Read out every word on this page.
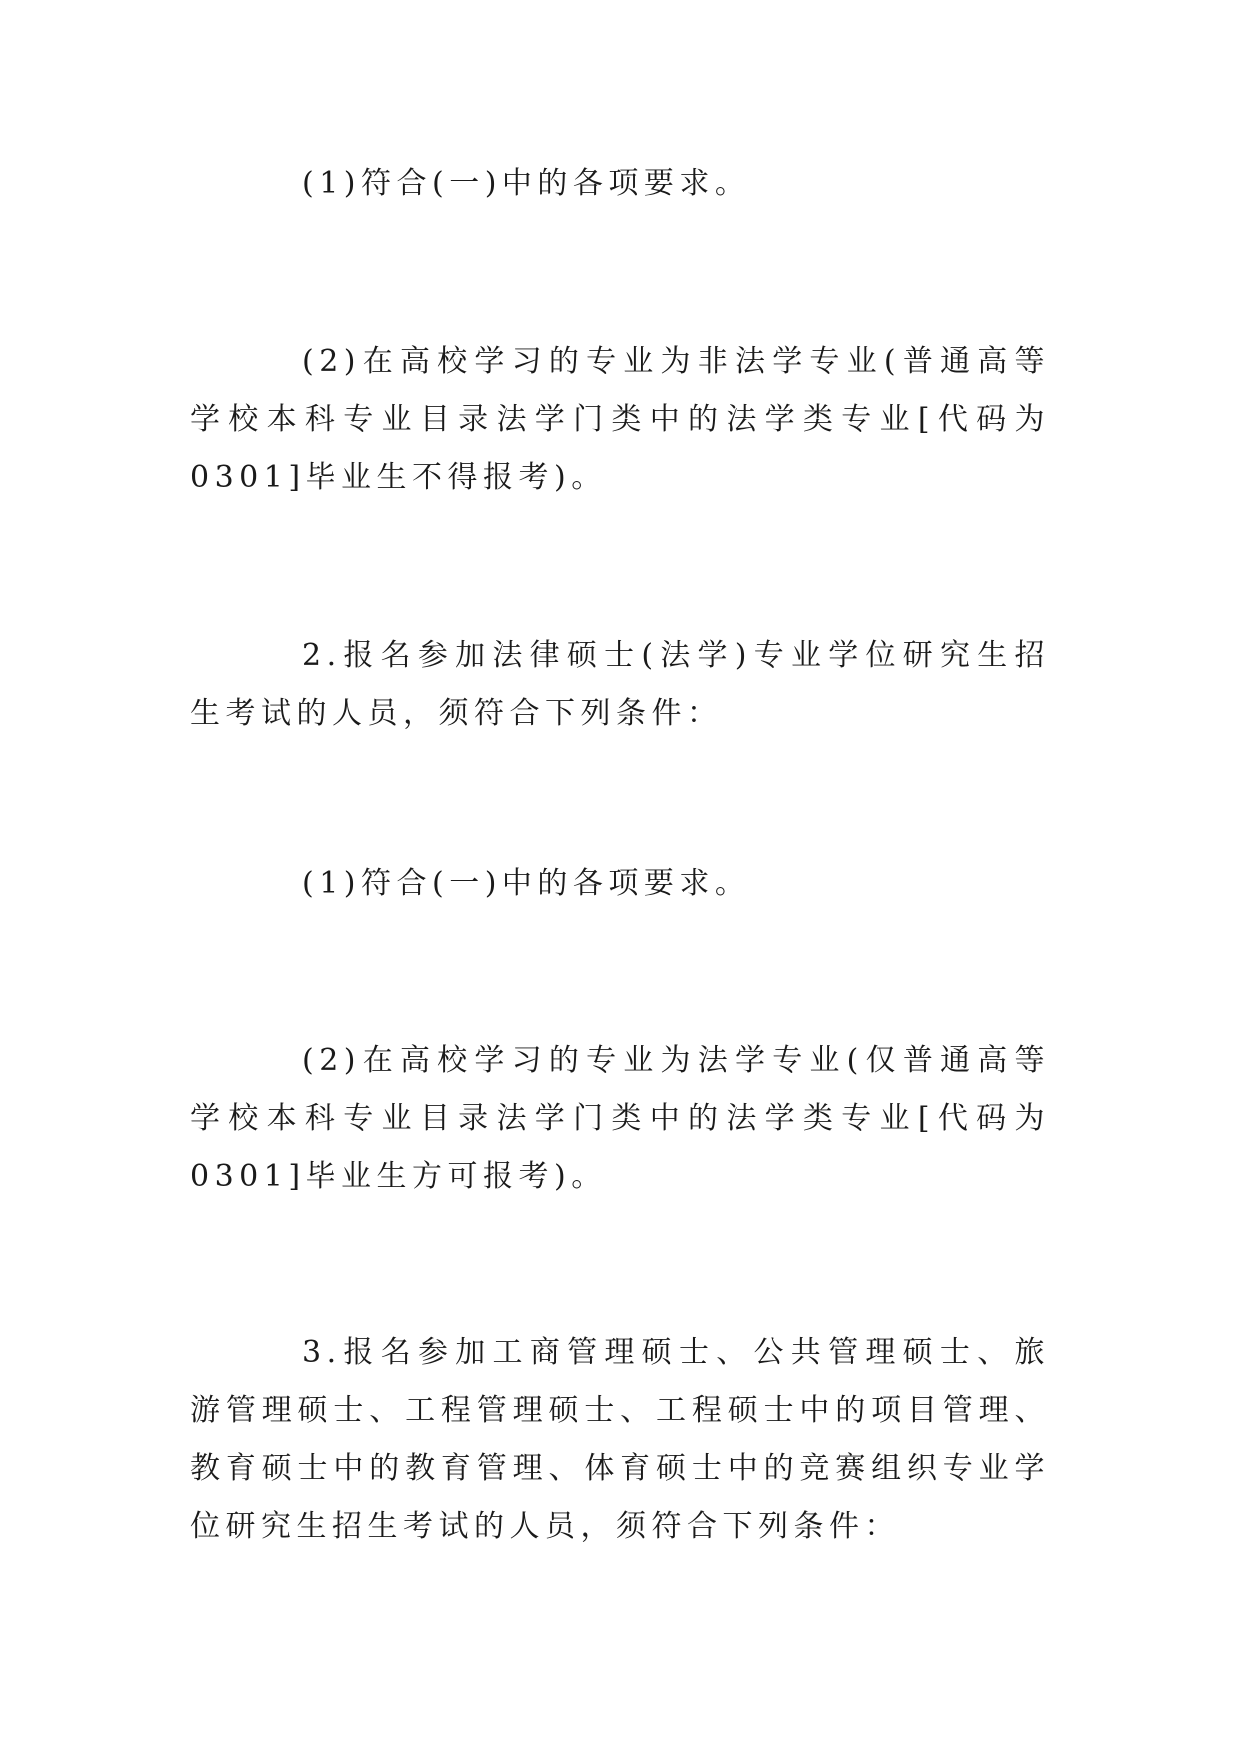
(1)符合(一)中的各项要求。

(2)在高校学习的专业为非法学专业(普通高等学校本科专业目录法学门类中的法学类专业[代码为 0301]毕业生不得报考)。

2.报名参加法律硕士(法学)专业学位研究生招生考试的人员，须符合下列条件：

(1)符合(一)中的各项要求。

(2)在高校学习的专业为法学专业(仅普通高等学校本科专业目录法学门类中的法学类专业[代码为 0301]毕业生方可报考)。

3.报名参加工商管理硕士、公共管理硕士、旅游管理硕士、工程管理硕士、工程硕士中的项目管理、教育硕士中的教育管理、体育硕士中的竞赛组织专业学位研究生招生考试的人员，须符合下列条件：
